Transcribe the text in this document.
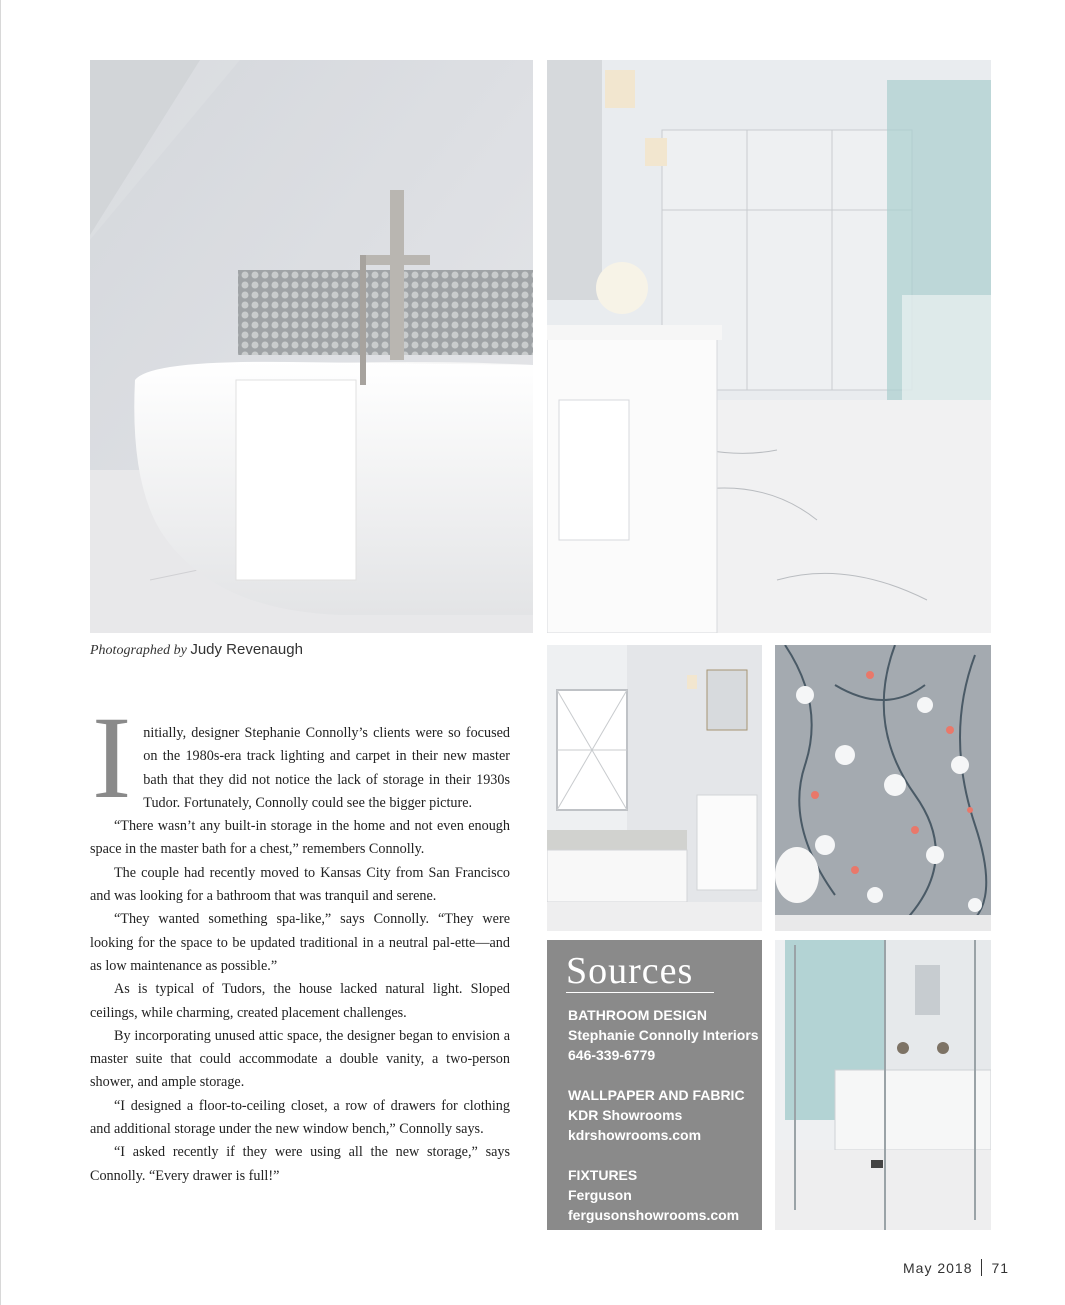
Photographed by Judy Revenaugh
Sources
BATHROOM DESIGN
Stephanie Connolly Interiors
646-339-6779
WALLPAPER AND FABRIC
KDR Showrooms
kdrshowrooms.com
FIXTURES
Ferguson
fergusonshowrooms.com

Initially, designer Stephanie Connolly’s clients were so focused on the 1980s-era track lighting and carpet in their new master bath that they did not notice the lack of storage in their 1930s Tudor. Fortunately, Connolly could see the bigger picture.

“There wasn’t any built-in storage in the home and not even enough space in the master bath for a chest,” remembers Connolly.

The couple had recently moved to Kansas City from San Francisco and was looking for a bathroom that was tranquil and serene.

“They wanted something spa-like,” says Connolly. “They were looking for the space to be updated traditional in a neutral pal-ette—and as low maintenance as possible.”

As is typical of Tudors, the house lacked natural light. Sloped ceilings, while charming, created placement challenges.

By incorporating unused attic space, the designer began to envision a master suite that could accommodate a double vanity, a two-person shower, and ample storage.

“I designed a floor-to-ceiling closet, a row of drawers for clothing and additional storage under the new window bench,” Connolly says.

“I asked recently if they were using all the new storage,” says Connolly. “Every drawer is full!”

May 2018 71
